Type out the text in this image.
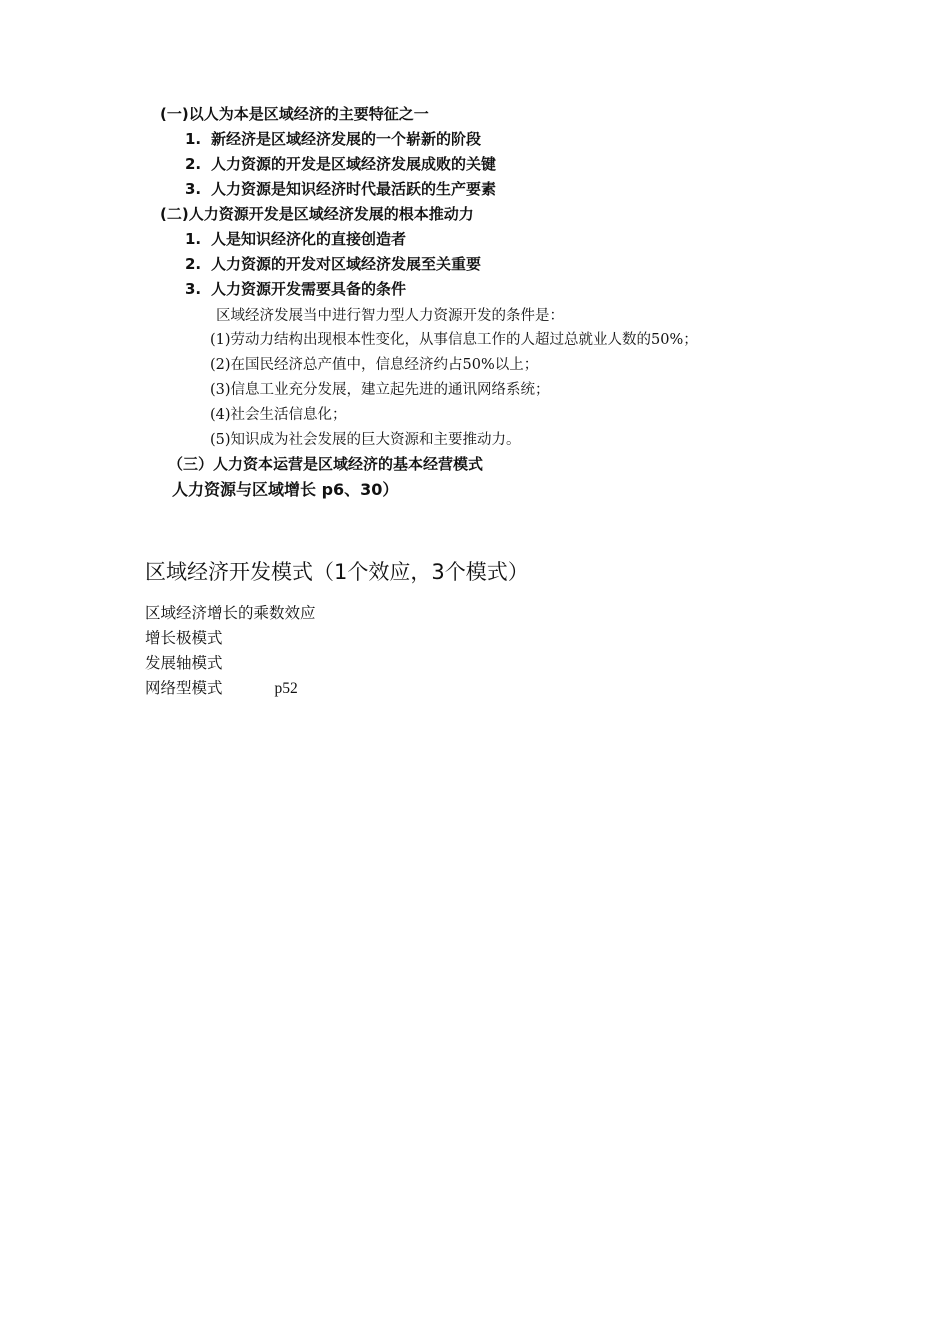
(一)以人为本是区域经济的主要特征之一
1. 新经济是区域经济发展的一个崭新的阶段
2. 人力资源的开发是区域经济发展成败的关键
3. 人力资源是知识经济时代最活跃的生产要素
(二)人力资源开发是区域经济发展的根本推动力
1. 人是知识经济化的直接创造者
2. 人力资源的开发对区域经济发展至关重要
3. 人力资源开发需要具备的条件
区域经济发展当中进行智力型人力资源开发的条件是：
(1)劳动力结构出现根本性变化，从事信息工作的人超过总就业人数的50%；
(2)在国民经济总产值中，信息经济约占50%以上；
(3)信息工业充分发展，建立起先进的通讯网络系统；
(4)社会生活信息化；
(5)知识成为社会发展的巨大资源和主要推动力。
（三）人力资本运营是区域经济的基本经营模式
人力资源与区域增长 p6、30）
区域经济开发模式（1个效应，3个模式）
区域经济增长的乘数效应
增长极模式
发展轴模式
网络型模式	p52
